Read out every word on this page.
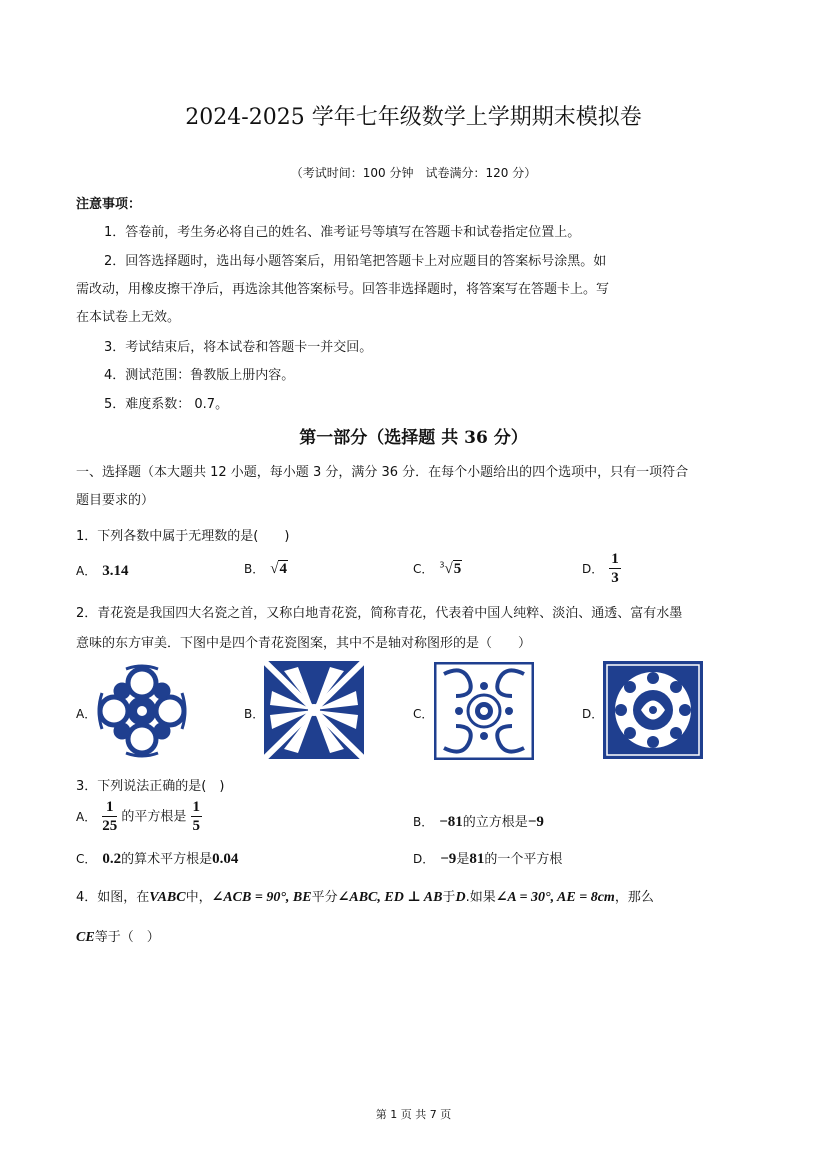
2024-2025 学年七年级数学上学期期末模拟卷
（考试时间：100 分钟　试卷满分：120 分）
注意事项：
1．答卷前，考生务必将自己的姓名、准考证号等填写在答题卡和试卷指定位置上。
2．回答选择题时，选出每小题答案后，用铅笔把答题卡上对应题目的答案标号涂黑。如
需改动，用橡皮擦干净后，再选涂其他答案标号。回答非选择题时，将答案写在答题卡上。写
在本试卷上无效。
3．考试结束后，将本试卷和答题卡一并交回。
4．测试范围：鲁教版上册内容。
5．难度系数： 0.7。
第一部分（选择题 共 36 分）
一、选择题（本大题共 12 小题，每小题 3 分，满分 36 分．在每个小题给出的四个选项中，只有一项符合
题目要求的）
1．下列各数中属于无理数的是(　　)
A． 3.14	B． √4	C． $^3$√5	D． $\frac{1}{3}$
2．青花瓷是我国四大名瓷之首，又称白地青花瓷，简称青花，代表着中国人纯粹、淡泊、通透、富有水墨
意味的东方审美．下图中是四个青花瓷图案，其中不是轴对称图形的是（　　）
A．	B．	C．	D．
3．下列说法正确的是(　)
A． $\frac{1}{25}$ 的平方根是 $\frac{1}{5}$	B． −81的立方根是−9
C． 0.2的算术平方根是0.04	D． −9是81的一个平方根
4．如图，在VABC中，∠ACB = 90°, BE平分∠ABC, ED ⊥ AB于D.如果∠A = 30°, AE = 8cm，那么
CE等于（　）
第 1 页 共 7 页
